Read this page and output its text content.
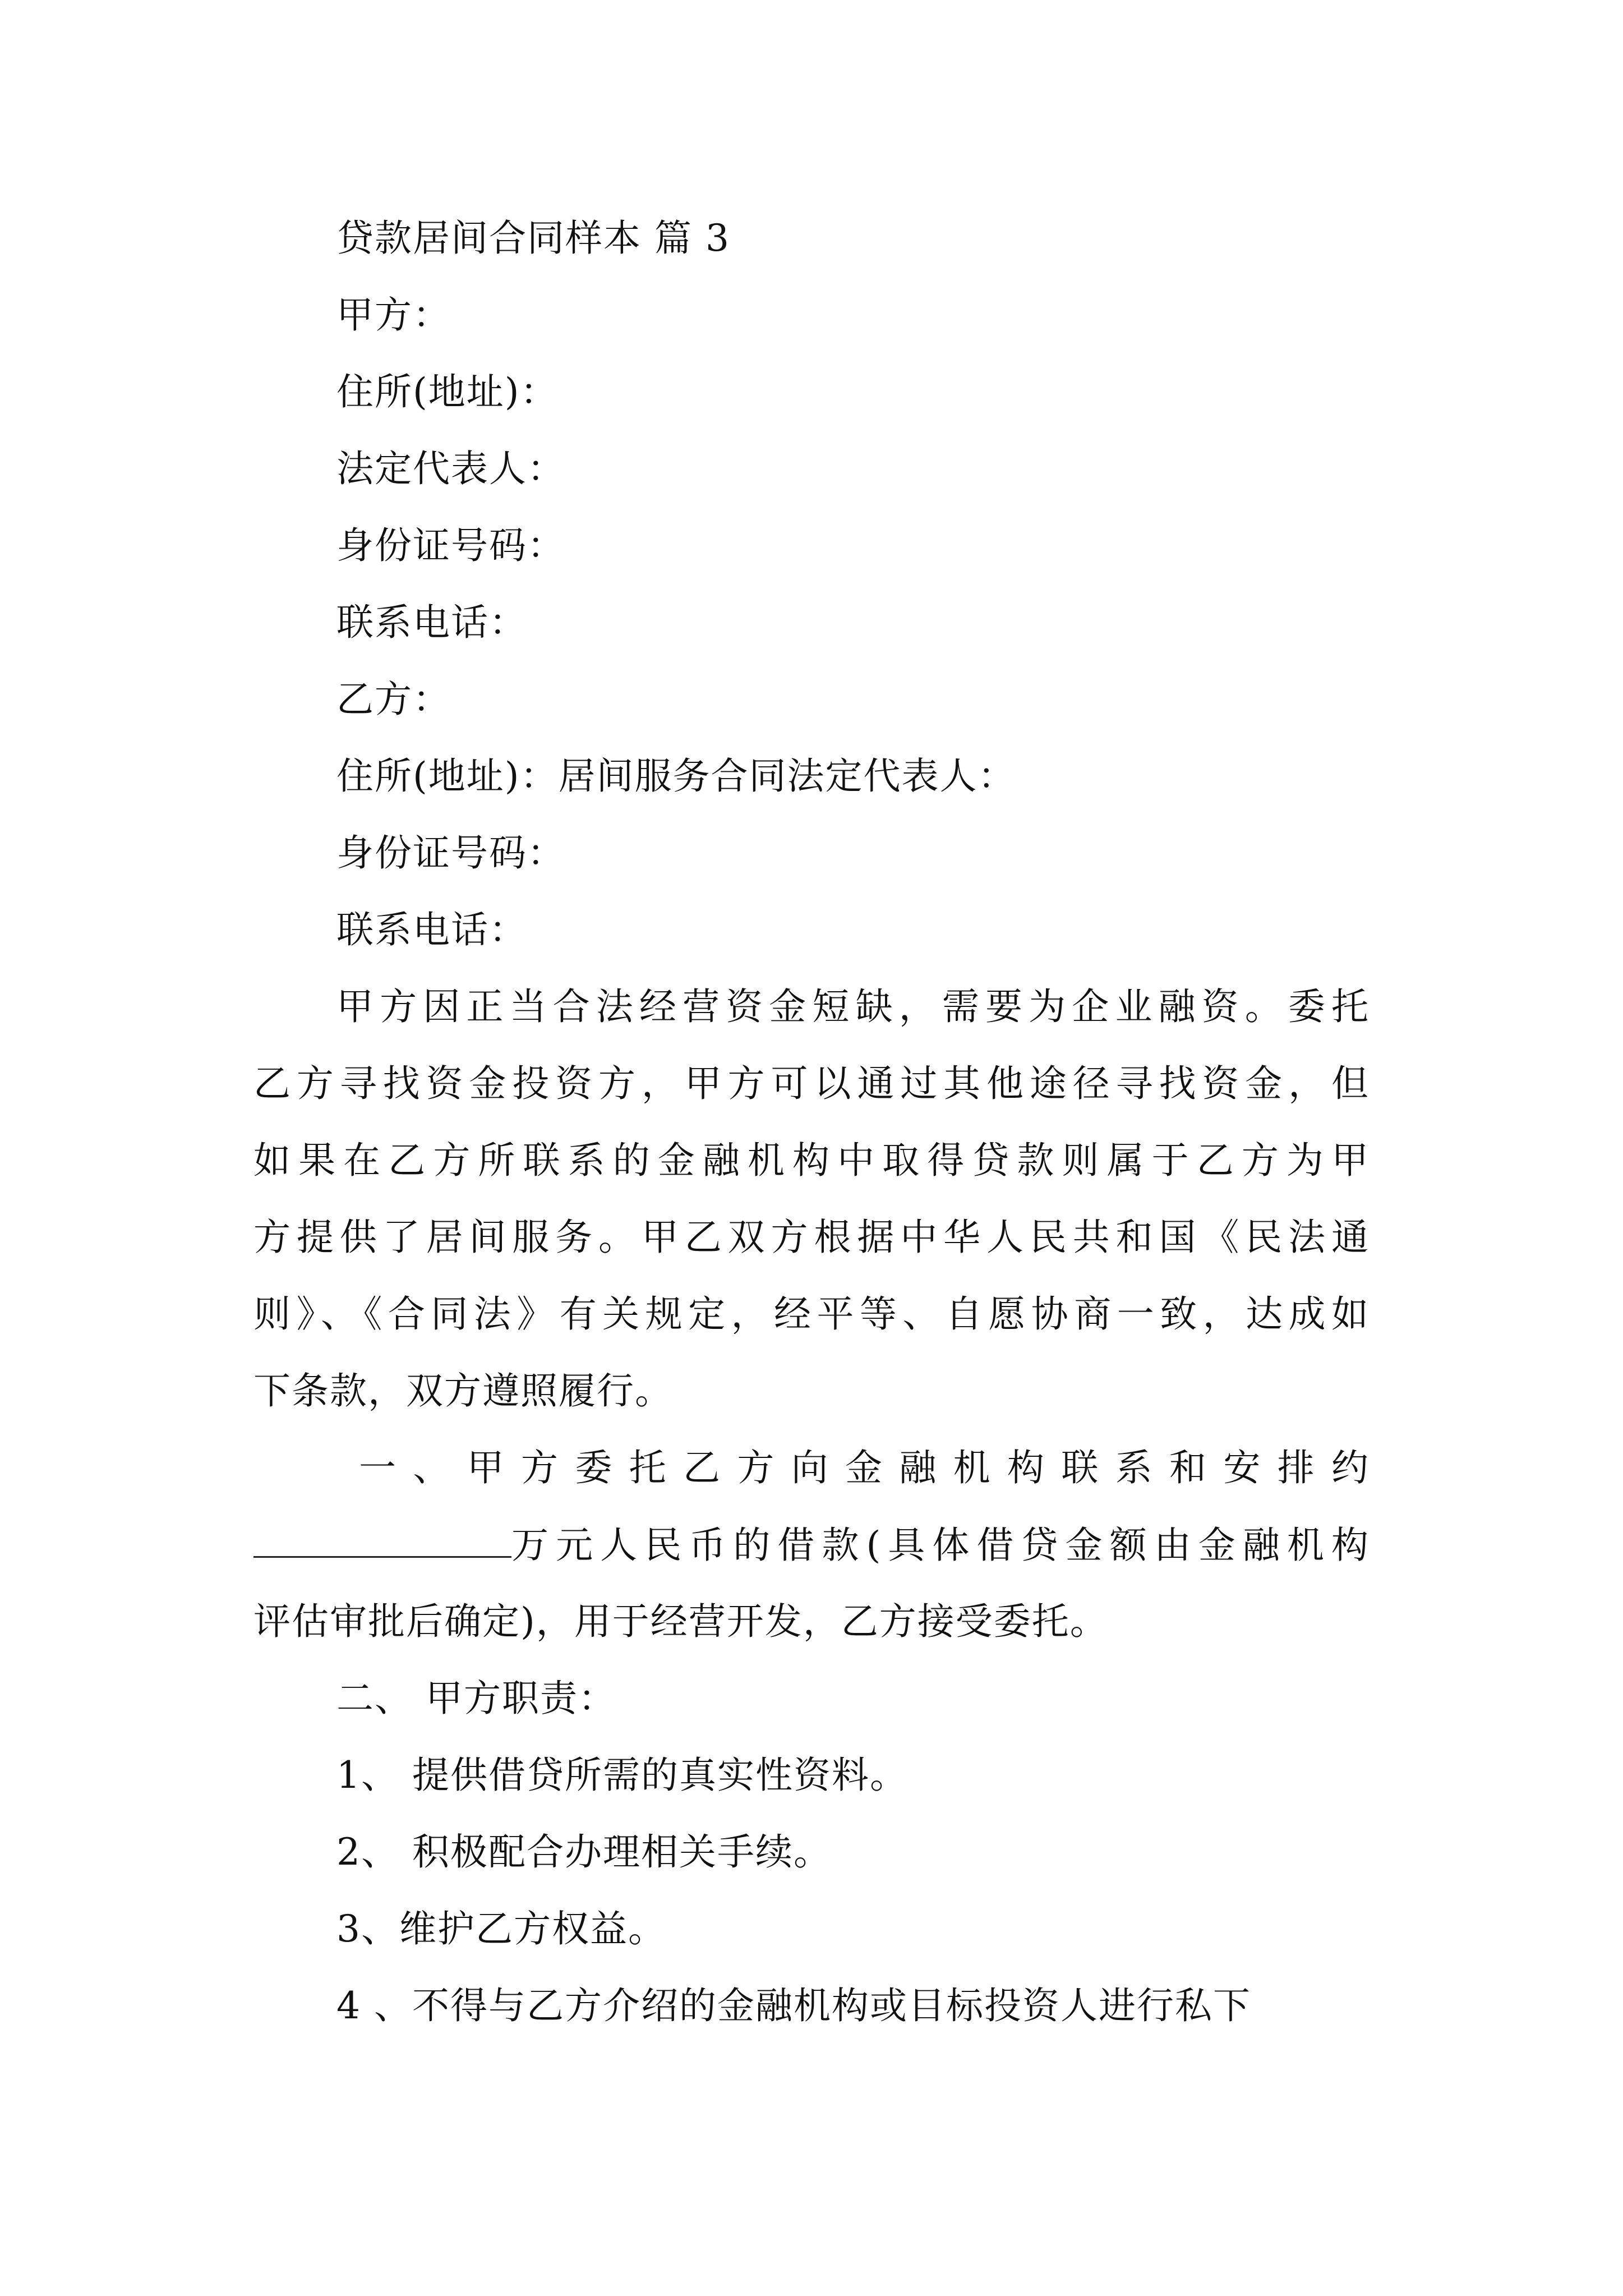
贷款居间合同样本 篇 3
甲方：
住所(地址)：
法定代表人：
身份证号码：
联系电话：
乙方：
住所(地址)：居间服务合同法定代表人：
身份证号码：
联系电话：
甲方因正当合法经营资金短缺，需要为企业融资。委托
乙方寻找资金投资方，甲方可以通过其他途径寻找资金，但
如果在乙方所联系的金融机构中取得贷款则属于乙方为甲
方提供了居间服务。甲乙双方根据中华人民共和国《民法通
则》、《合同法》有关规定，经平等、自愿协商一致，达成如
下条款，双方遵照履行。
一、甲方委托乙方向金融机构联系和安排约
万元人民币的借款(具体借贷金额由金融机构
评估审批后确定)，用于经营开发，乙方接受委托。
二、 甲方职责：
1、 提供借贷所需的真实性资料。
2、 积极配合办理相关手续。
3、维护乙方权益。
4 、不得与乙方介绍的金融机构或目标投资人进行私下
